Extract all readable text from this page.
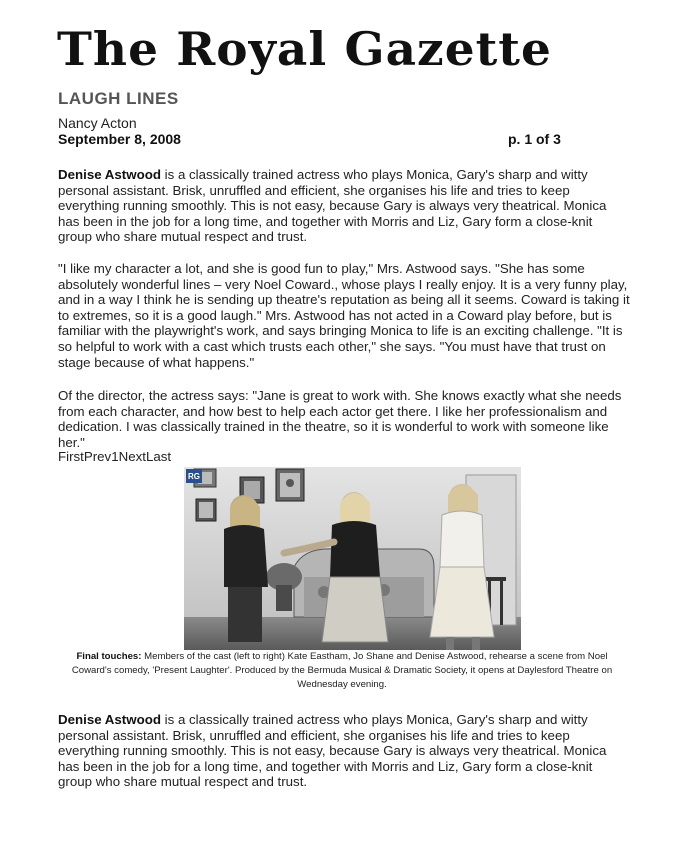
The Royal Gazette
LAUGH LINES
Nancy Acton
September 8, 2008	p. 1 of 3
Denise Astwood is a classically trained actress who plays Monica, Gary's sharp and witty personal assistant. Brisk, unruffled and efficient, she organises his life and tries to keep everything running smoothly. This is not easy, because Gary is always very theatrical. Monica has been in the job for a long time, and together with Morris and Liz, Gary form a close-knit group who share mutual respect and trust.
"I like my character a lot, and she is good fun to play," Mrs. Astwood says. "She has some absolutely wonderful lines – very Noel Coward., whose plays I really enjoy. It is a very funny play, and in a way I think he is sending up theatre's reputation as being all it seems. Coward is taking it to extremes, so it is a good laugh." Mrs. Astwood has not acted in a Coward play before, but is familiar with the playwright's work, and says bringing Monica to life is an exciting challenge. "It is so helpful to work with a cast which trusts each other," she says. "You must have that trust on stage because of what happens."
Of the director, the actress says: "Jane is great to work with. She knows exactly what she needs from each character, and how best to help each actor get there. I like her professionalism and dedication. I was classically trained in the theatre, so it is wonderful to work with someone like her."
FirstPrev1NextLast
RG
Final touches: Members of the cast (left to right) Kate Eastham, Jo Shane and Denise Astwood, rehearse a scene from Noel Coward's comedy, 'Present Laughter'. Produced by the Bermuda Musical & Dramatic Society, it opens at Daylesford Theatre on Wednesday evening.
Denise Astwood is a classically trained actress who plays Monica, Gary's sharp and witty personal assistant. Brisk, unruffled and efficient, she organises his life and tries to keep everything running smoothly. This is not easy, because Gary is always very theatrical. Monica has been in the job for a long time, and together with Morris and Liz, Gary form a close-knit group who share mutual respect and trust.
